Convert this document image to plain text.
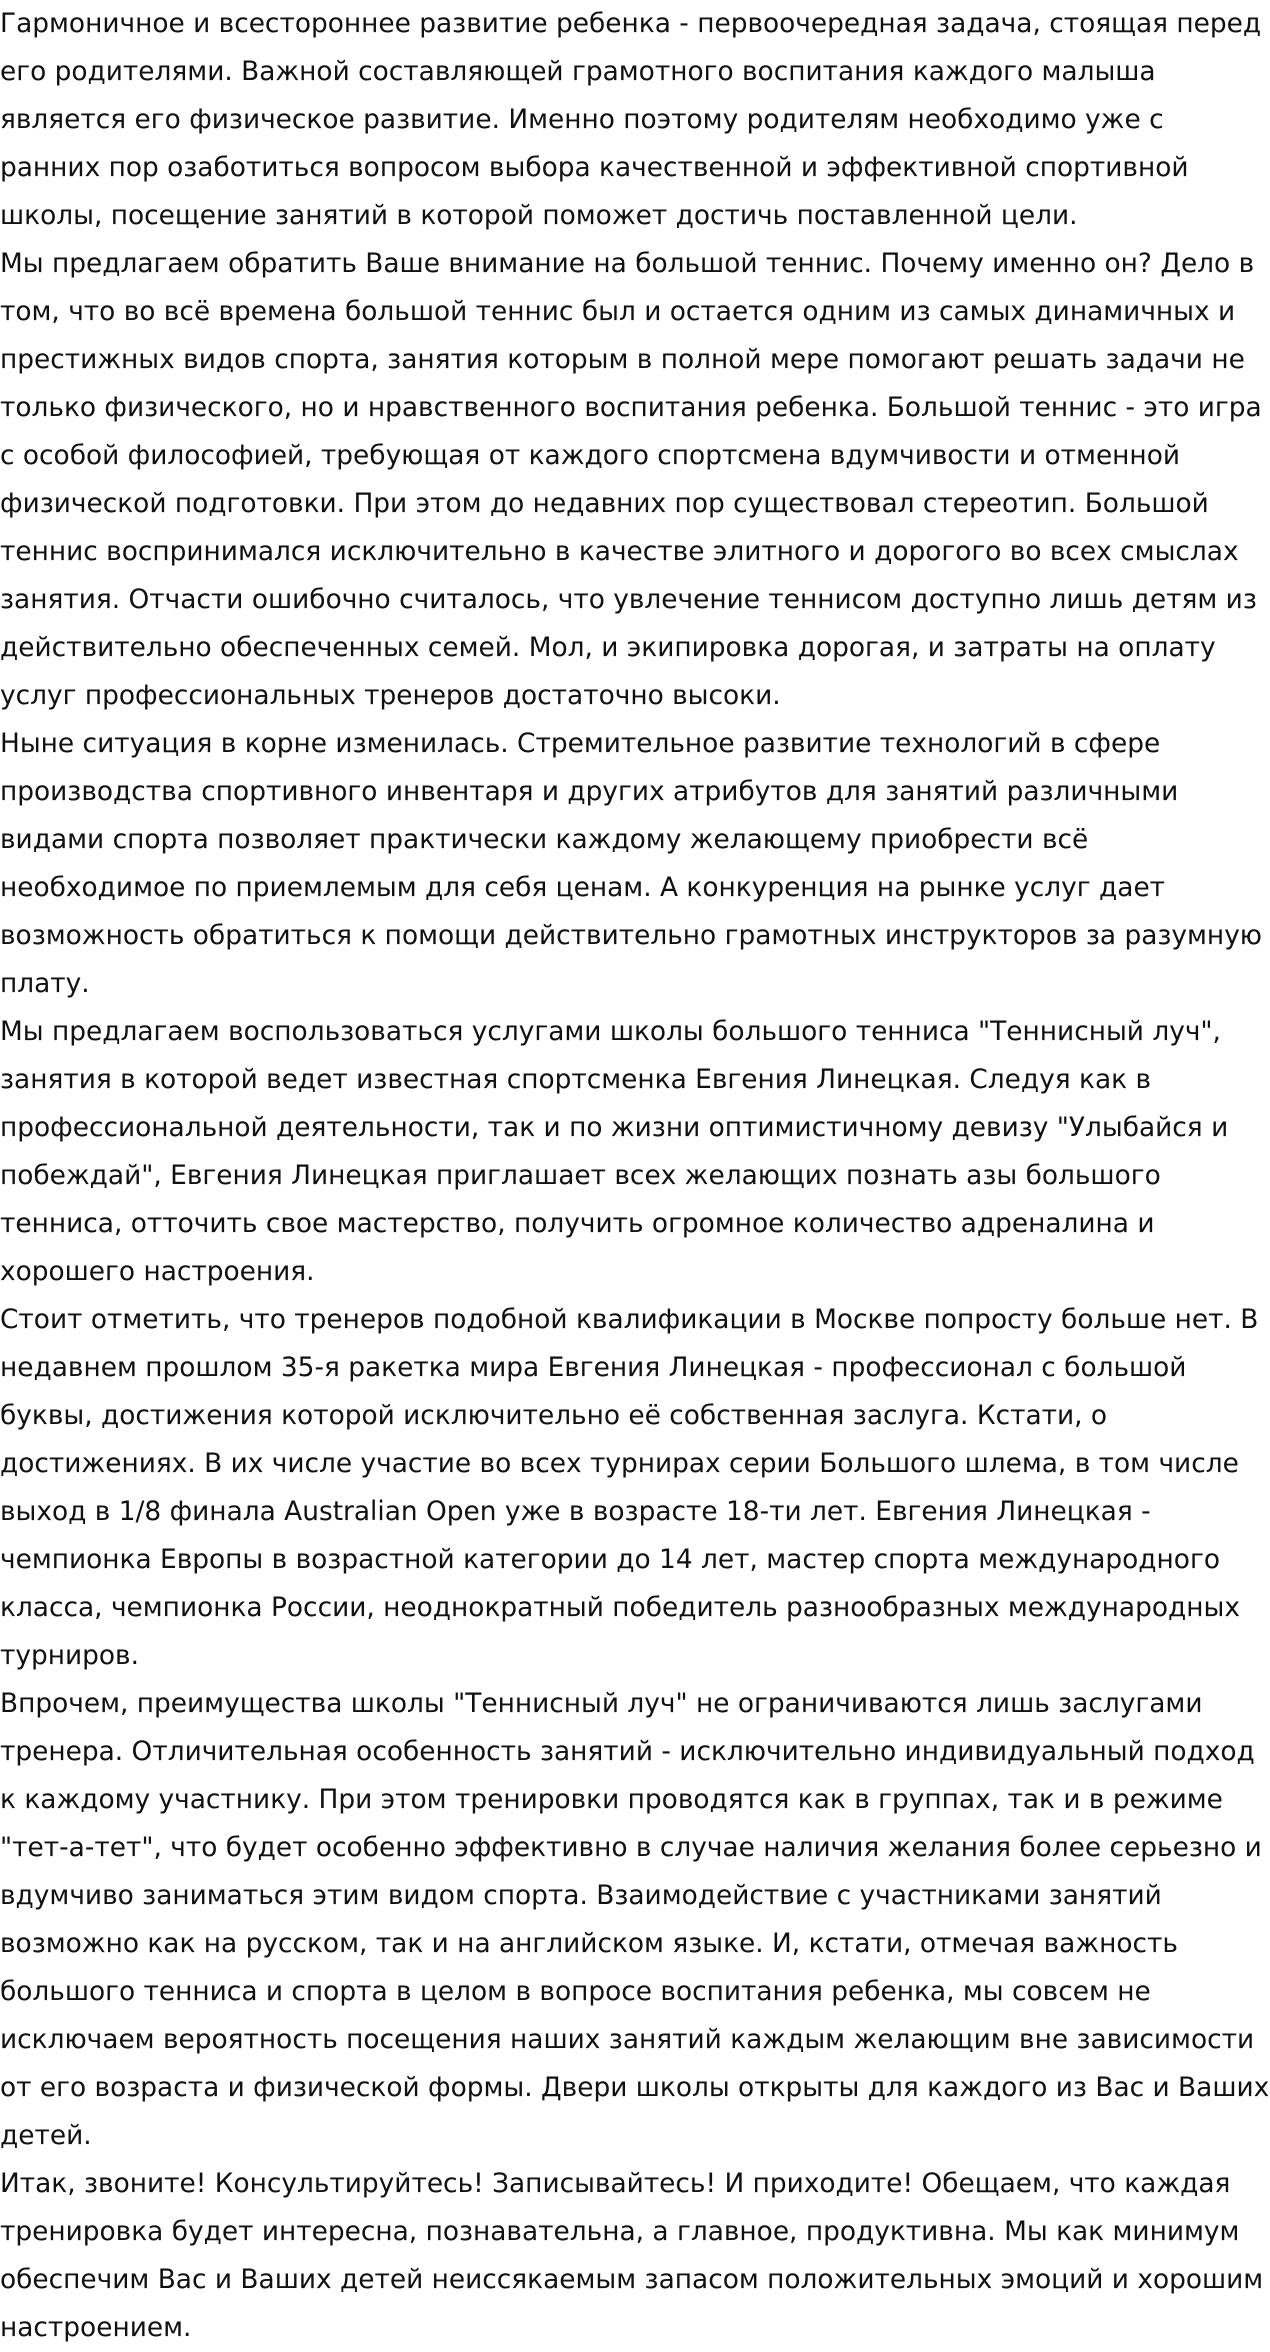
Гармоничное и всестороннее развитие ребенка - первоочередная задача, стоящая перед его родителями. Важной составляющей грамотного воспитания каждого малыша является его физическое развитие. Именно поэтому родителям необходимо уже с ранних пор озаботиться вопросом выбора качественной и эффективной спортивной школы, посещение занятий в которой поможет достичь поставленной цели.

Мы предлагаем обратить Ваше внимание на большой теннис. Почему именно он? Дело в том, что во всё времена большой теннис был и остается одним из самых динамичных и престижных видов спорта, занятия которым в полной мере помогают решать задачи не только физического, но и нравственного воспитания ребенка. Большой теннис - это игра с особой философией, требующая от каждого спортсмена вдумчивости и отменной физической подготовки. При этом до недавних пор существовал стереотип. Большой теннис воспринимался исключительно в качестве элитного и дорогого во всех смыслах занятия. Отчасти ошибочно считалось, что увлечение теннисом доступно лишь детям из действительно обеспеченных семей. Мол, и экипировка дорогая, и затраты на оплату услуг профессиональных тренеров достаточно высоки.

Ныне ситуация в корне изменилась. Стремительное развитие технологий в сфере производства спортивного инвентаря и других атрибутов для занятий различными видами спорта позволяет практически каждому желающему приобрести всё необходимое по приемлемым для себя ценам. А конкуренция на рынке услуг дает возможность обратиться к помощи действительно грамотных инструкторов за разумную плату.

Мы предлагаем воспользоваться услугами школы большого тенниса "Теннисный луч", занятия в которой ведет известная спортсменка Евгения Линецкая. Следуя как в профессиональной деятельности, так и по жизни оптимистичному девизу "Улыбайся и побеждай", Евгения Линецкая приглашает всех желающих познать азы большого тенниса, отточить свое мастерство, получить огромное количество адреналина и хорошего настроения.

Стоит отметить, что тренеров подобной квалификации в Москве попросту больше нет. В недавнем прошлом 35-я ракетка мира Евгения Линецкая - профессионал с большой буквы, достижения которой исключительно её собственная заслуга. Кстати, о достижениях. В их числе участие во всех турнирах серии Большого шлема, в том числе выход в 1/8 финала Australian Open уже в возрасте 18-ти лет. Евгения Линецкая - чемпионка Европы в возрастной категории до 14 лет, мастер спорта международного класса, чемпионка России, неоднократный победитель разнообразных международных турниров.

Впрочем, преимущества школы "Теннисный луч" не ограничиваются лишь заслугами тренера. Отличительная особенность занятий - исключительно индивидуальный подход к каждому участнику. При этом тренировки проводятся как в группах, так и в режиме "тет-а-тет", что будет особенно эффективно в случае наличия желания более серьезно и вдумчиво заниматься этим видом спорта. Взаимодействие с участниками занятий возможно как на русском, так и на английском языке. И, кстати, отмечая важность большого тенниса и спорта в целом в вопросе воспитания ребенка, мы совсем не исключаем вероятность посещения наших занятий каждым желающим вне зависимости от его возраста и физической формы. Двери школы открыты для каждого из Вас и Ваших детей.

Итак, звоните! Консультируйтесь! Записывайтесь! И приходите! Обещаем, что каждая тренировка будет интересна, познавательна, а главное, продуктивна. Мы как минимум обеспечим Вас и Ваших детей неиссякаемым запасом положительных эмоций и хорошим настроением.
